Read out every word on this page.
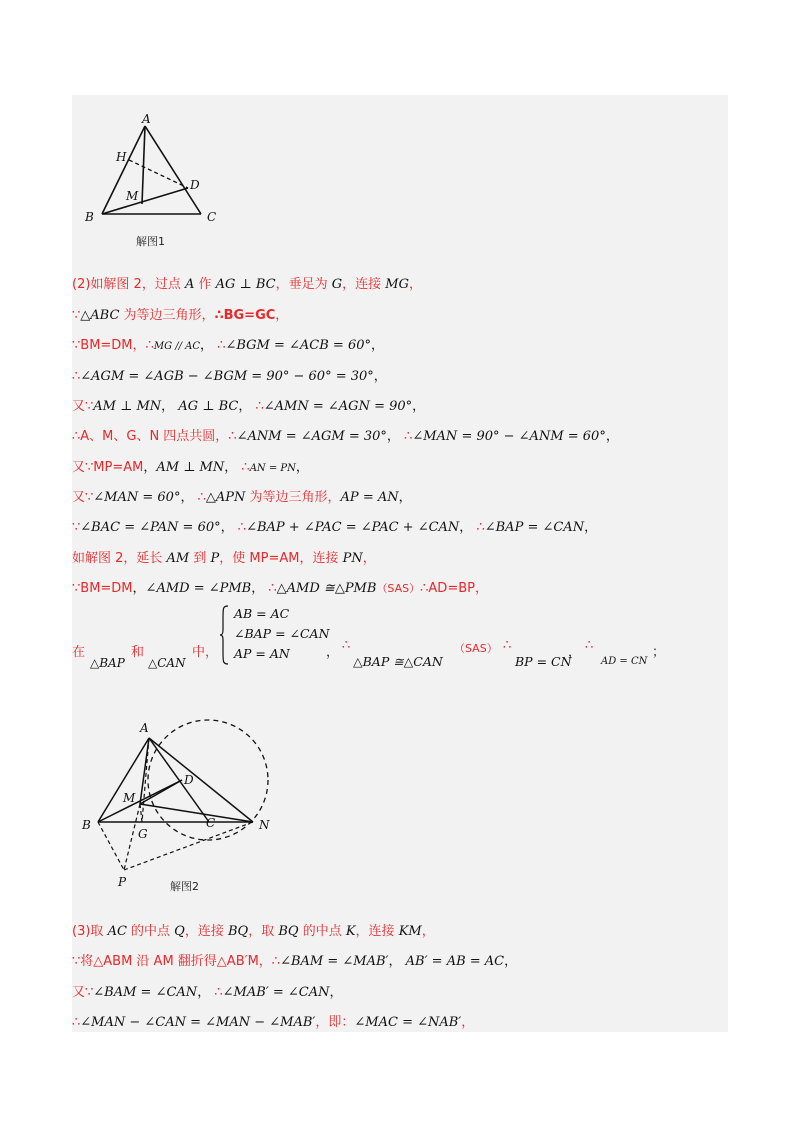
A
H
D
M
B	C
解图1
(2)如解图 2，过点 A 作 AG ⊥ BC，垂足为 G，连接 MG，
∵△ABC 为等边三角形，∴BG=GC，
∵BM=DM，∴MG // AC， ∴∠BGM = ∠ACB = 60°，
∴∠AGM = ∠AGB − ∠BGM = 90° − 60° = 30°，
又∵AM ⊥ MN， AG ⊥ BC， ∴∠AMN = ∠AGN = 90°，
∴A、M、G、N 四点共圆，∴∠ANM = ∠AGM = 30°， ∴∠MAN = 90° − ∠ANM = 60°，
又∵MP=AM，AM ⊥ MN， ∴AN = PN，
又∵∠MAN = 60°， ∴△APN 为等边三角形，AP = AN，
∵∠BAC = ∠PAN = 60°， ∴∠BAP + ∠PAC = ∠PAC + ∠CAN， ∴∠BAP = ∠CAN，
如解图 2，延长 AM 到 P，使 MP=AM，连接 PN，
∵BM=DM，∠AMD = ∠PMB， ∴△AMD ≅△PMB（SAS）∴AD=BP，
在	和	中，
△BAP △CAN
AB = AC
∠BAP = ∠CAN
AP = AN	， ∴
△BAP ≅△CAN
（SAS） ∴
BP = CN
， ∴
AD = CN
；
A
D
M
B
G
C	N
P	解图2
(3)取 AC 的中点 Q，连接 BQ，取 BQ 的中点 K，连接 KM，
∵将△ABM 沿 AM 翻折得△AB′M，∴∠BAM = ∠MAB′， AB′ = AB = AC，
又∵∠BAM = ∠CAN， ∴∠MAB′ = ∠CAN，
∴∠MAN − ∠CAN = ∠MAN − ∠MAB′，即：∠MAC = ∠NAB′，
